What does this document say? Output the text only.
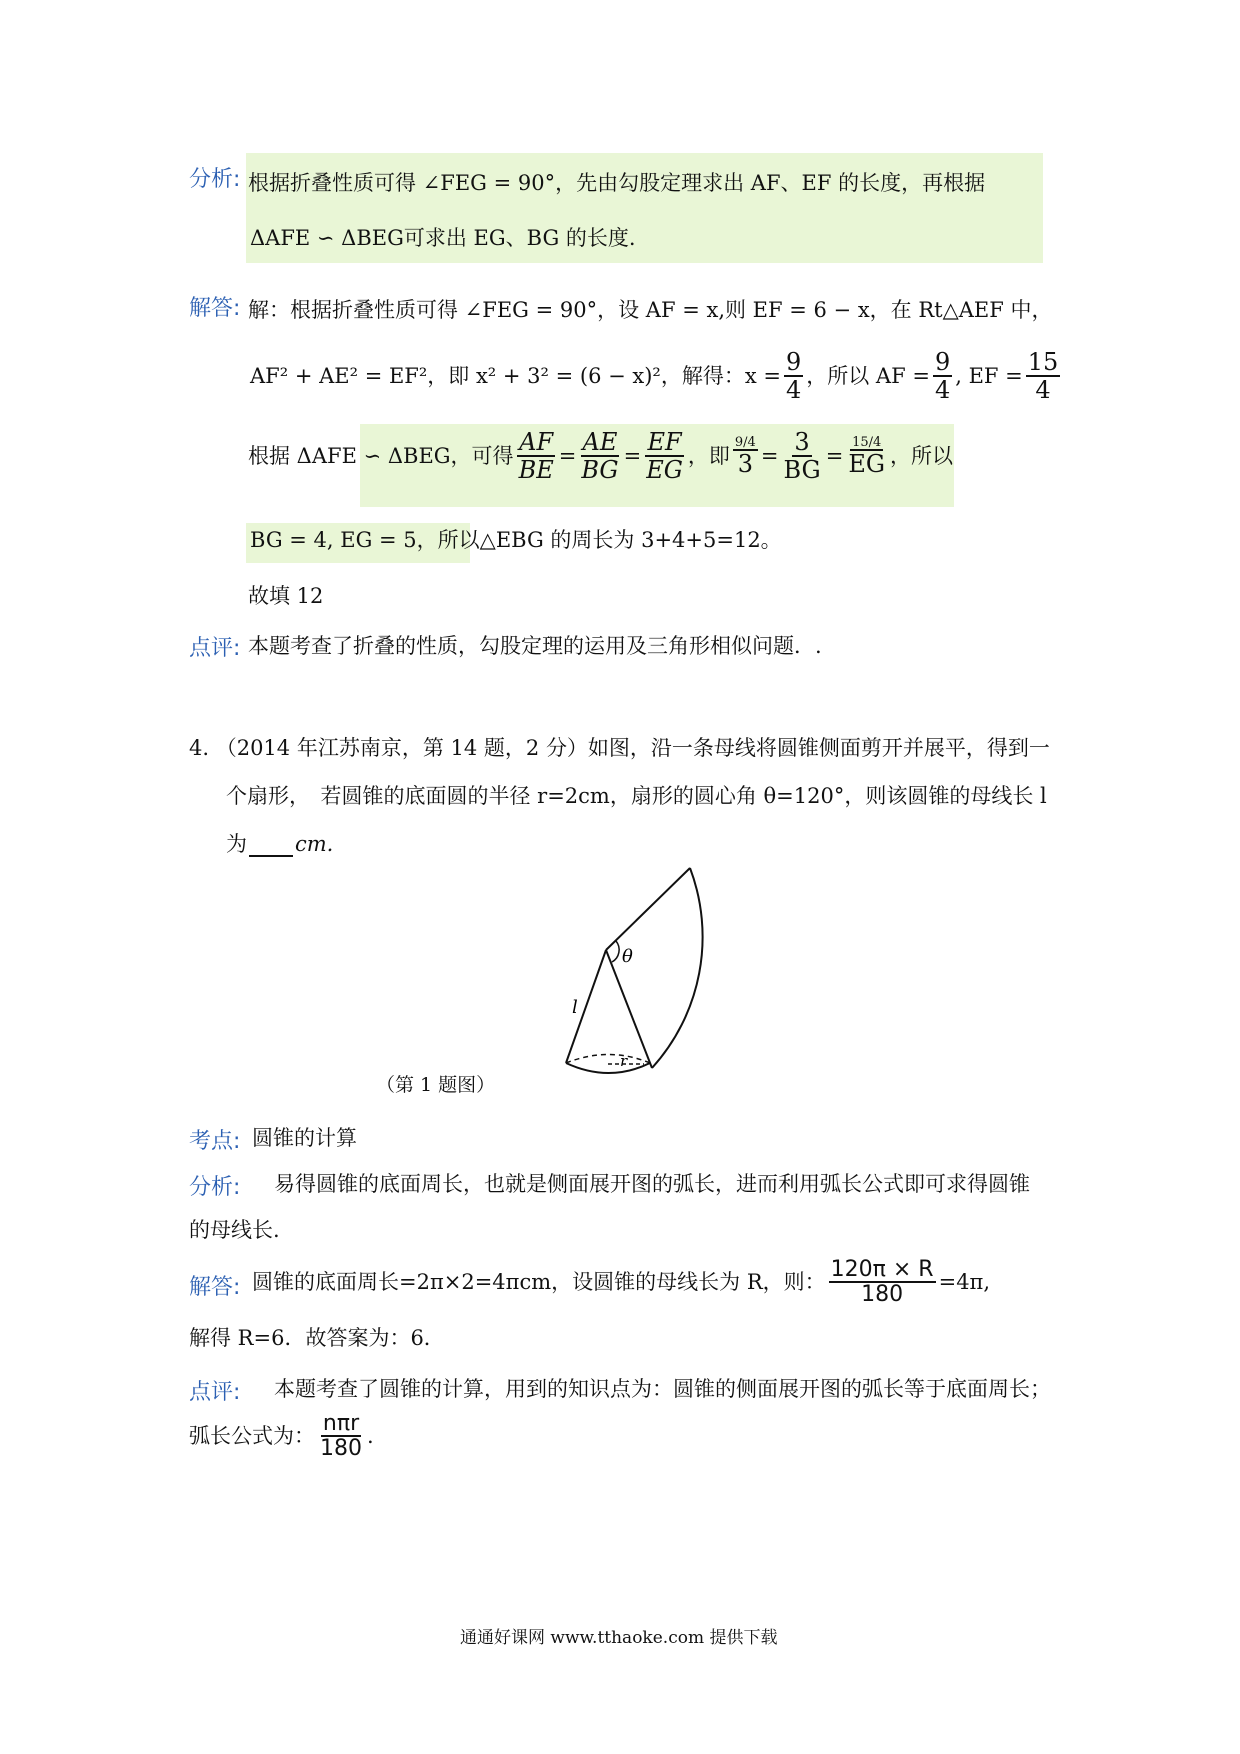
分析: 根据折叠性质可得 ∠FEG = 90°，先由勾股定理求出 AF、EF 的长度，再根据
ΔAFE ∽ ΔBEG可求出 EG、BG 的长度.
解答: 解：根据折叠性质可得 ∠FEG = 90°，设 AF = x,则 EF = 6 − x，在 Rt△AEF 中，
AF² + AE² = EF²，即 x² + 3² = (6 − x)²，解得：$x = \frac{9}{4}$ ，所以 AF = $\frac{9}{4}$ , EF = $\frac{15}{4}$
根据 ΔAFE ∽ ΔBEG，可得 $\frac{AF}{BE} = \frac{AE}{BG} = \frac{EF}{EG}$ ，即 $\frac{9/4}{3} = \frac{3}{BG} = \frac{15/4}{EG}$ ，所以
BG = 4, EG = 5，所以△EBG 的周长为 3+4+5=12。
故填 12
点评: 本题考查了折叠的性质，勾股定理的运用及三角形相似问题．.
4. （2014 年江苏南京，第 14 题，2 分）如图，沿一条母线将圆锥侧面剪开并展平，得到一
个扇形，　若圆锥的底面圆的半径 r=2cm，扇形的圆心角 θ=120°，则该圆锥的母线长 l
为 cm.
θ
l
r
（第 1 题图）
考点: 圆锥的计算
分析: 易得圆锥的底面周长，也就是侧面展开图的弧长，进而利用弧长公式即可求得圆锥
的母线长.
解答: 圆锥的底面周长=2π×2=4πcm，设圆锥的母线长为 R，则： $\frac{120\pi \times R}{180} =4\pi$,
解得 R=6．故答案为：6．
点评: 本题考查了圆锥的计算，用到的知识点为：圆锥的侧面展开图的弧长等于底面周长；
弧长公式为： $\frac{\text{nπr}}{180}$ .
通通好课网 www.tthaoke.com 提供下载
